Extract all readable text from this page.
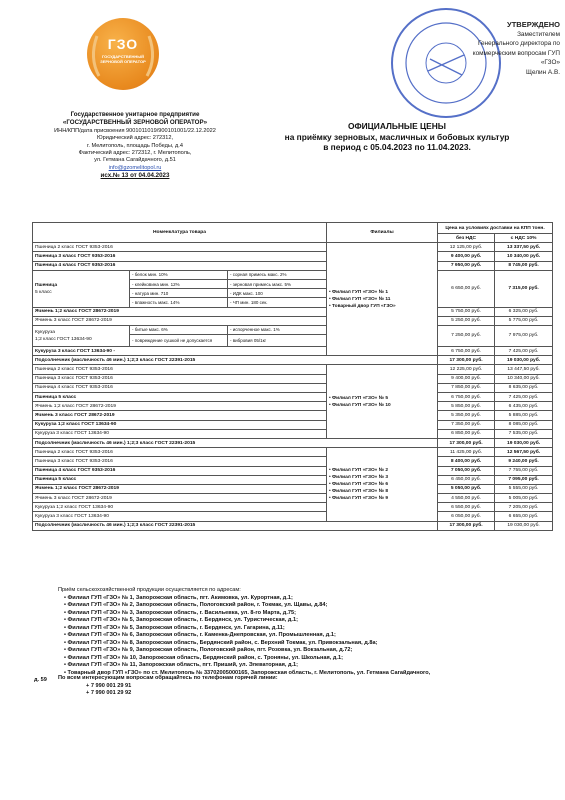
ГЗО
ГОСУДАРСТВЕННЫЙ ЗЕРНОВОЙ ОПЕРАТОР
УТВЕРЖДЕНО
Заместителем
Генерального директора по
коммерческим вопросам ГУП «ГЗО»
Щелин А.В.
Государственное унитарное предприятие
«ГОСУДАРСТВЕННЫЙ ЗЕРНОВОЙ ОПЕРАТОР»
ИНН/КПП/дата присвоения 9001011019/900101001/22.12.2022
Юридический адрес: 272312,
г. Мелитополь, площадь Победы, д.4
Фактический адрес: 272312, г. Мелитополь,
ул. Гетмана Сагайдачного, д.51
info@gzomelitopol.ru
исх.№ 13 от 04.04.2023
ОФИЦИАЛЬНЫЕ ЦЕНЫ
на приёмку зерновых, масличных и бобовых культур
в период с 05.04.2023 по 11.04.2023.
Номенклатура товара			Филиалы	Цена на условиях доставки на КПП тонн.	
				без НДС	с НДС 10%
Пшеница 2 класс ГОСТ 9353-2016			• Филиал ГУП «ГЗО» № 1
• Филиал ГУП «ГЗО» № 11
• Товарный двор ГУП «ГЗО»	12 125,00 руб.	13 337,50 руб.
Пшеница 3 класс ГОСТ 9353-2016				9 400,00 руб.	10 340,00 руб.
Пшеница 4 класс ГОСТ 9353-2016				7 950,00 руб.	8 745,00 руб.

Пшеница
5 класс	- белок мин. 10%	- сорная примесь макс. 2%		6 650,00 руб.	7 315,00 руб.
	- клейковина мин. 12%	- зерновая примесь макс. 5%			
	- натура мин. 710	- ИДК макс. 100			
	- влажность макс. 14%	- ЧП мин. 180 сек.			
Ячмень 1;2 класс ГОСТ 28672-2019				5 750,00 руб.	6 325,00 руб.
Ячмень 3 класс ГОСТ 28672-2019				5 250,00 руб.	5 775,00 руб.

Кукуруза
1;2 класс ГОСТ 13634-90	- битые макс. 6%	- испорченное макс. 1%		7 250,00 руб.	7 975,00 руб.
	- повреждение сушкой не допускается	- вибровия 05/1кг			
Кукуруза 3 класс ГОСТ 13634-90 -				6 750,00 руб.	7 425,00 руб.
Подсолнечник (масличность 46 мин.) 1;2;3 класс ГОСТ 22391-2015				17 300,00 руб.	19 030,00 руб.
Пшеница 2 класс ГОСТ 9353-2016			• Филиал ГУП «ГЗО» № 5
• Филиал ГУП «ГЗО» № 10	12 225,00 руб.	13 447,50 руб.
Пшеница 3 класс ГОСТ 9353-2016				9 400,00 руб.	10 340,00 руб.
Пшеница 4 класс ГОСТ 9353-2016				7 850,00 руб.	8 635,00 руб.
Пшеница 5 класс				6 750,00 руб.	7 425,00 руб.
Ячмень 1;2 класс ГОСТ 28672-2019				5 850,00 руб.	6 435,00 руб.
Ячмень 3 класс ГОСТ 28672-2019				5 350,00 руб.	5 885,00 руб.
Кукуруза 1;2 класс ГОСТ 13634-90				7 350,00 руб.	8 085,00 руб.
Кукуруза 3 класс ГОСТ 13634-90				6 850,00 руб.	7 535,00 руб.
Подсолнечник (масличность 46 мин.) 1;2;3 класс ГОСТ 22391-2015				17 300,00 руб.	19 030,00 руб.
Пшеница 2 класс ГОСТ 9353-2016			• Филиал ГУП «ГЗО» № 2
• Филиал ГУП «ГЗО» № 3
• Филиал ГУП «ГЗО» № 6
• Филиал ГУП «ГЗО» № 8
• Филиал ГУП «ГЗО» № 9	11 425,00 руб.	12 567,50 руб.
Пшеница 3 класс ГОСТ 9353-2016				8 400,00 руб.	9 240,00 руб.
Пшеница 4 класс ГОСТ 9353-2016				7 050,00 руб.	7 755,00 руб.
Пшеница 5 класс				6 450,00 руб.	7 095,00 руб.
Ячмень 1;2 класс ГОСТ 28672-2019				5 050,00 руб.	5 555,00 руб.
Ячмень 3 класс ГОСТ 28672-2019				4 550,00 руб.	5 005,00 руб.
Кукуруза 1;2 класс ГОСТ 13634-90				6 550,00 руб.	7 205,00 руб.
Кукуруза 3 класс ГОСТ 13634-90				6 050,00 руб.	6 655,00 руб.
Подсолнечник (масличность 46 мин.) 1;2;3 класс ГОСТ 22391-2015				17 300,00 руб.	19 030,00 руб.
Приём сельскохозяйственной продукции осуществляется по адресам:
• Филиал ГУП «ГЗО» № 1, Запорожская область, пгт. Акимовка, ул. Курортная, д.1;
• Филиал ГУП «ГЗО» № 2, Запорожская область, Пологовский район, г. Токмак, ул. Щавы, д.84;
• Филиал ГУП «ГЗО» № 3, Запорожская область, г. Васильевка, ул. 8-го Марта, д.75;
• Филиал ГУП «ГЗО» № 5, Запорожская область, г. Бердянск, ул. Туристическая, д.1;
• Филиал ГУП «ГЗО» № 5, Запорожская область, г. Бердянск, ул. Гагарина, д.11;
• Филиал ГУП «ГЗО» № 6, Запорожская область, г. Каменка-Днепровская, ул. Промышленная, д.1;
• Филиал ГУП «ГЗО» № 8, Запорожская область, Бердянский район, с. Верхний Токмак, ул. Привокзальная, д.8а;
• Филиал ГУП «ГЗО» № 9, Запорожская область, Пологовский район, пгт. Розовка, ул. Вокзальная, д.72;
• Филиал ГУП «ГЗО» № 10, Запорожская область, Бердянский район, с. Троняны, ул. Школьная, д.1;
• Филиал ГУП «ГЗО» № 11, Запорожская область, пгт. Приший, ул. Элеваторная, д.1;
• Товарный двор ГУП «ГЗО» по ст. Мелитополь № 33702005000165, Запорожская область, г. Мелитополь, ул. Гетмана Сагайдачного,
д. 59	По всем интересующим вопросам обращайтесь по телефонам горячей линии:
+ 7 990 001 29 91
+ 7 990 001 29 92
